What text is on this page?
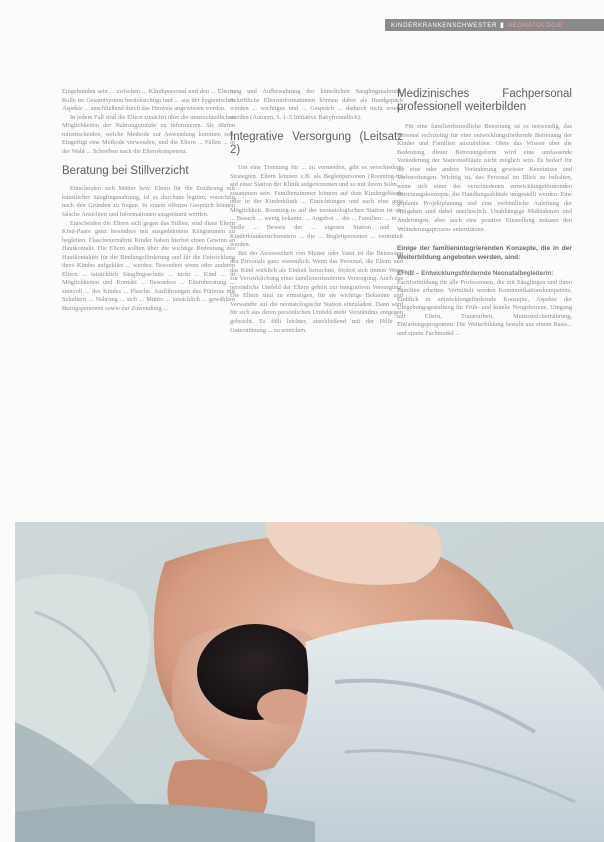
KINDERKRANKENSCHWESTER ▮ NEONATOLOGIE

Eingebunden sein ... zwischen ... Klinikpersonal und den ... Eltern; Rolle im Gesamtsystem berücksichtigt und ... aus der hygienischen Aspekte ... anschließend durch das Hinweis angewiesen werden.

In jedem Fall sind die Eltern zunächst über die unterschiedlichen Möglichkeiten der Nahrungszufuhr zu informieren. Sie dürfen mitentscheiden, welche Methode zur Anwendung kommen soll. Eingefügt eine Methode verwenden, und die Eltern ... Fällen ... in der Wahl ... Schreiben nach die Elternkompetenz.

Beratung bei Stillverzicht

Entscheiden sich Mütter bzw. Eltern für die Ernährung mit künstlicher Säuglingsnahrung, ist es durchaus legitim, vorsichtig nach den Gründen zu fragen. In einem offenen Gespräch können falsche Ansichten und Informationen ausgeräumt werden.

Entscheiden die Eltern sich gegen das Stillen, sind diese Eltern Kind-Paare ganz besonders mit ausgedehntem Kängurumen zu begleiten. Flaschenernährte Kinder haben hierbei einen Gewinn an Hautkontakt. Die Eltern sollten über die wichtige Bedeutung des Hautkontaktes für die Bindungsförderung und für die Entwicklung ihres Kindes aufgeklärt ... werden. Besonders wenn oder anderen Eltern ... tatsächlich Säuglingsschutz ... nicht ... Kind ... in Möglichkeiten und Kontakt ... Besonders ... Elternberatung ... sinnvoll ... des Kindes ... Flasche. Ausführungen des Fütterns mit Schultern ... Nahrung ... sich ... Mütter ... tatsächlich ... gewählten Bezugspersonen sowie zur Zuwendung ...

tung und Aufbewahrung der künstlichen Säuglingsnahrung. Schriftliche Elterninformationen können dabei als Handgepäck werden ... wichtiges und ... Gespräch ... dadurch nicht ersetzt werden (Autoren, 5. 1–5 Initiative Babyfreundlich).

Integrative Versorgung (Leitsatz 2)

Um eine Trennung für ... zu vermeiden, gibt es verschiedene Strategien. Eltern können z.B. als Begleitpersonen (Rooming-in) auf einer Station der Klinik aufgenommen und so mit ihrem Sohn ... zusammen sein. Familienzimmer können auf dem Kindergebäude oder in der Kinderklinik ... Einrichtungen und auch eine gute Möglichkeit. Rooming-in auf der neonatologischen Station ist ein ... Besuch ... wenig bekannt, ... Angebot ... die ... Familien. ... in ... Stelle ... Beweis der ... eigenen Station und ... Kinderkrankenschwestern ... die ... Begleitpersonen ... vermittelt werden.

Bei der Anwesenheit von Mutter oder Vater ist die Betreuung des Personals ganz wesentlich. Wenn das Personal, die Eltern und das Kind wirklich als Einheit betrachtet, fördert sich immer Wege zur Verwirklichung einer familienorientierten Versorgung. Auch das persönliche Umfeld der Eltern gehört zur integrativen Versorgung. Die Eltern sind zu ermutigen, für sie wichtige Bekannte und Verwandte auf die neonatologische Station einzuladen. Dann wird für sich aus deren persönlichen Umfeld mehr Verständnis entgegen gebracht. Es fällt leichter, anschließend mit der Hilfe ... Unterstützung ... zu erreichen.

Medizinisches Fachpersonal professionell weiterbilden

Für eine familienfreundliche Betreuung ist es notwendig, das Personal rechtzeitig für eine entwicklungsfördernde Betreuung der Kinder und Familien auszubilden. Ohne das Wissen über die Bedeutung dieser Betreuungsform wird eine umfassende Veränderung der Stationsabläufe nicht möglich sein. Es bedarf für die eine oder andere Veränderung gewisser Kenntnisse und Vorbereitungen. Wichtig ist, das Personal im Blick zu behalten, wenn sich einer der verschiedenen entwicklungsfördernden Betreuungskonzepte, die Handlungsabläufe umgestellt werden. Eine geplante Projektplanung und eine verbindliche Anleitung der Aufgaben sind dabei unerlässlich. Unabhängige Maßnahmen und Änderungen, aber auch eine positive Einstellung müssen den Veränderungsprozess unterstützen.

Einige der familienintegrierenden Konzepte, die in der Weiterbildung angeboten werden, sind:
EFNB – Entwicklungsfördernde Neonatalbegleiterin:

Fachfortbildung für alle Professionen, die mit Säuglingen und ihren Familien arbeiten. Vermittelt werden Kommunikationskompetenz, Einblick in entwicklungsfördernde Konzepte, Aspekte der Umgebungsgestaltung für Früh- und kranke Neugeborene, Umgang mit Eltern, Trauerarbeit, Muttermilchernährung, Entlastungsprogramm. Die Weiterbildung besteht aus einem Basis... und einem Fachmodul ...
